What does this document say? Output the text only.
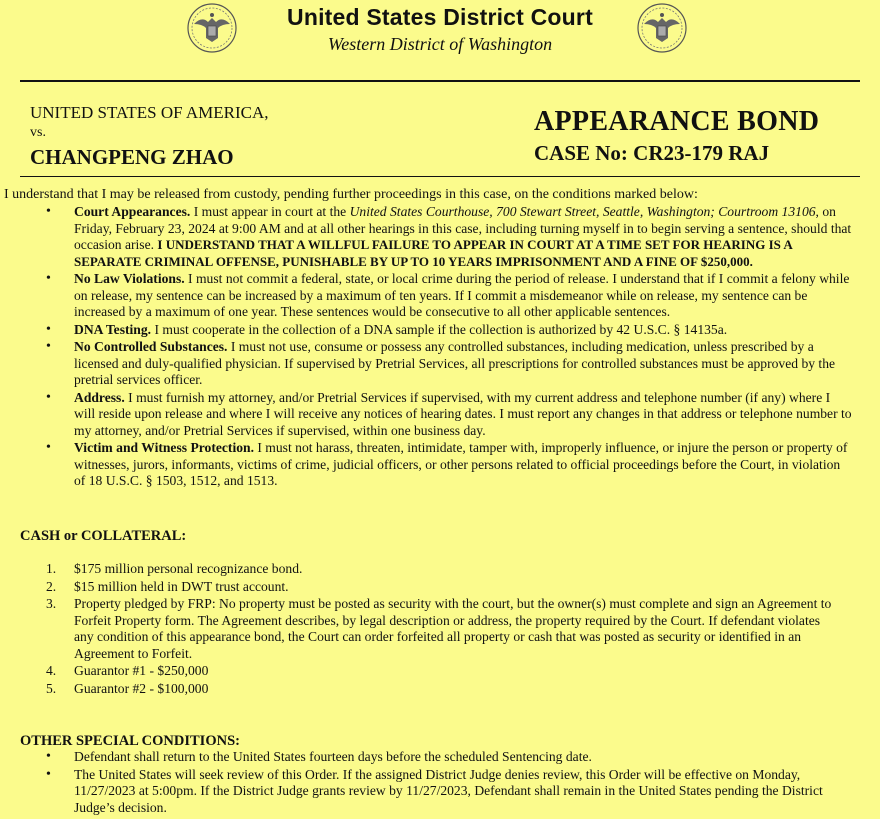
United States District Court
Western District of Washington
UNITED STATES OF AMERICA,
vs.
CHANGPENG ZHAO
APPEARANCE BOND
CASE No: CR23-179 RAJ
I understand that I may be released from custody, pending further proceedings in this case, on the conditions marked below:
• Court Appearances. I must appear in court at the United States Courthouse, 700 Stewart Street, Seattle, Washington; Courtroom 13106, on Friday, February 23, 2024 at 9:00 AM and at all other hearings in this case, including turning myself in to begin serving a sentence, should that occasion arise. I UNDERSTAND THAT A WILLFUL FAILURE TO APPEAR IN COURT AT A TIME SET FOR HEARING IS A SEPARATE CRIMINAL OFFENSE, PUNISHABLE BY UP TO 10 YEARS IMPRISONMENT AND A FINE OF $250,000.
• No Law Violations. I must not commit a federal, state, or local crime during the period of release. I understand that if I commit a felony while on release, my sentence can be increased by a maximum of ten years. If I commit a misdemeanor while on release, my sentence can be increased by a maximum of one year. These sentences would be consecutive to all other applicable sentences.
• DNA Testing. I must cooperate in the collection of a DNA sample if the collection is authorized by 42 U.S.C. § 14135a.
• No Controlled Substances. I must not use, consume or possess any controlled substances, including medication, unless prescribed by a licensed and duly-qualified physician. If supervised by Pretrial Services, all prescriptions for controlled substances must be approved by the pretrial services officer.
• Address. I must furnish my attorney, and/or Pretrial Services if supervised, with my current address and telephone number (if any) where I will reside upon release and where I will receive any notices of hearing dates. I must report any changes in that address or telephone number to my attorney, and/or Pretrial Services if supervised, within one business day.
• Victim and Witness Protection. I must not harass, threaten, intimidate, tamper with, improperly influence, or injure the person or property of witnesses, jurors, informants, victims of crime, judicial officers, or other persons related to official proceedings before the Court, in violation of 18 U.S.C. § 1503, 1512, and 1513.
CASH or COLLATERAL:
1. $175 million personal recognizance bond.
2. $15 million held in DWT trust account.
3. Property pledged by FRP: No property must be posted as security with the court, but the owner(s) must complete and sign an Agreement to Forfeit Property form. The Agreement describes, by legal description or address, the property required by the Court. If defendant violates any condition of this appearance bond, the Court can order forfeited all property or cash that was posted as security or identified in an Agreement to Forfeit.
4. Guarantor #1 - $250,000
5. Guarantor #2 - $100,000
OTHER SPECIAL CONDITIONS:
• Defendant shall return to the United States fourteen days before the scheduled Sentencing date.
• The United States will seek review of this Order. If the assigned District Judge denies review, this Order will be effective on Monday, 11/27/2023 at 5:00pm. If the District Judge grants review by 11/27/2023, Defendant shall remain in the United States pending the District Judge’s decision.
